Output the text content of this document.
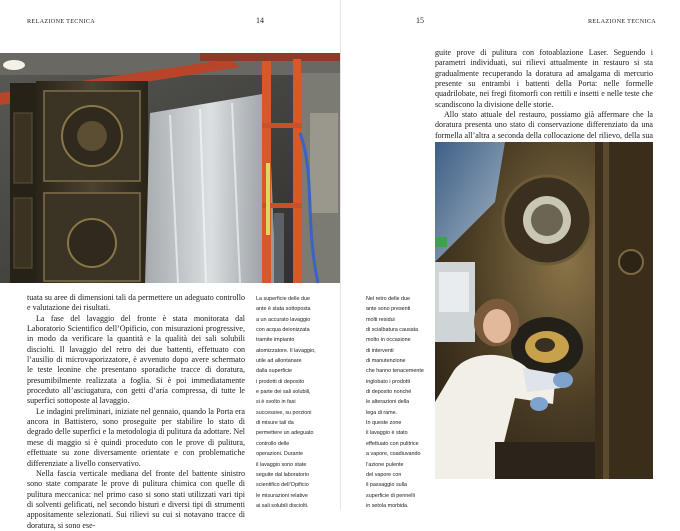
RELAZIONE TECNICA	14	15	RELAZIONE TECNICA

tuata su aree di dimensioni tali da permettere un adeguato controllo e valutazione dei risultati.

La fase del lavaggio del fronte è stata monitorata dal Laboratorio Scientifico dell’Opificio, con misurazioni progressive, in modo da verificare la quantità e la qualità dei sali solubili disciolti. Il lavaggio del retro dei due battenti, effettuato con l’ausilio di microvaporizzatore, è avvenuto dopo avere schermato le teste leonine che presentano sporadiche tracce di doratura, presumibilmente realizzata a foglia. Si è poi immediatamente proceduto all’asciugatura, con getti d’aria compressa, di tutte le superfici sottoposte al lavaggio.

Le indagini preliminari, iniziate nel gennaio, quando la Porta era ancora in Battistero, sono proseguite per stabilire lo stato di degrado delle superfici e la metodologia di pulitura da adottare. Nel mese di maggio si è quindi proceduto con le prove di pulitura, effettuate su zone diversamente orientate e con problematiche differenziate a livello conservativo.

Nella fascia verticale mediana del fronte del battente sinistro sono state comparate le prove di pulitura chimica con quelle di pulitura meccanica: nel primo caso si sono stati utilizzati vari tipi di solventi gelificati, nel secondo bisturi e diversi tipi di strumenti appositamente selezionati. Sui rilievi su cui si notavano tracce di doratura, si sono ese-

La superficie delle due
ante è stata sottoposta
a un accurato lavaggio
con acqua deionizzata
tramite impianto
atomizzatore. Il lavaggio,
utile ad allontanare
dalla superficie
i prodotti di deposito
e parte dei sali solubili,
si è svolto in fasi
successive, su porzioni
di misure tali da
permettere un adeguato
controllo delle
operazioni. Durante
il lavaggio sono state
seguite dal laboratorio
scientifico dell’Opificio
le misurazioni relative
ai sali solubili disciolti.
Nel retro delle due
ante sono presenti
molti residui
di scialbatura causata
molto in occasione
di interventi
di manutenzione
che hanno tenacemente
inglobato i prodotti
di deposito nonché
le alterazioni della
lega di rame.
In queste zone
il lavaggio è stato
effettuato con pulitrice
a vapore, coadiuvando
l’azione pulente
del vapore con
il passaggio sulla
superficie di pennelli
in setola morbida.

guite prove di pulitura con fotoablazione Laser. Seguendo i parametri individuati, sui rilievi attualmente in restauro si sta gradualmente recuperando la doratura ad amalgama di mercurio presente su entrambi i battenti della Porta: nelle formelle quadrilobate, nei fregi fitomorfi con rettili e insetti e nelle teste che scandiscono la divisione delle storie.

Allo stato attuale del restauro, possiamo già affermare che la doratura presenta uno stato di conservazione differenziato da una formella all’altra a seconda della collocazione del rilievo, della sua
